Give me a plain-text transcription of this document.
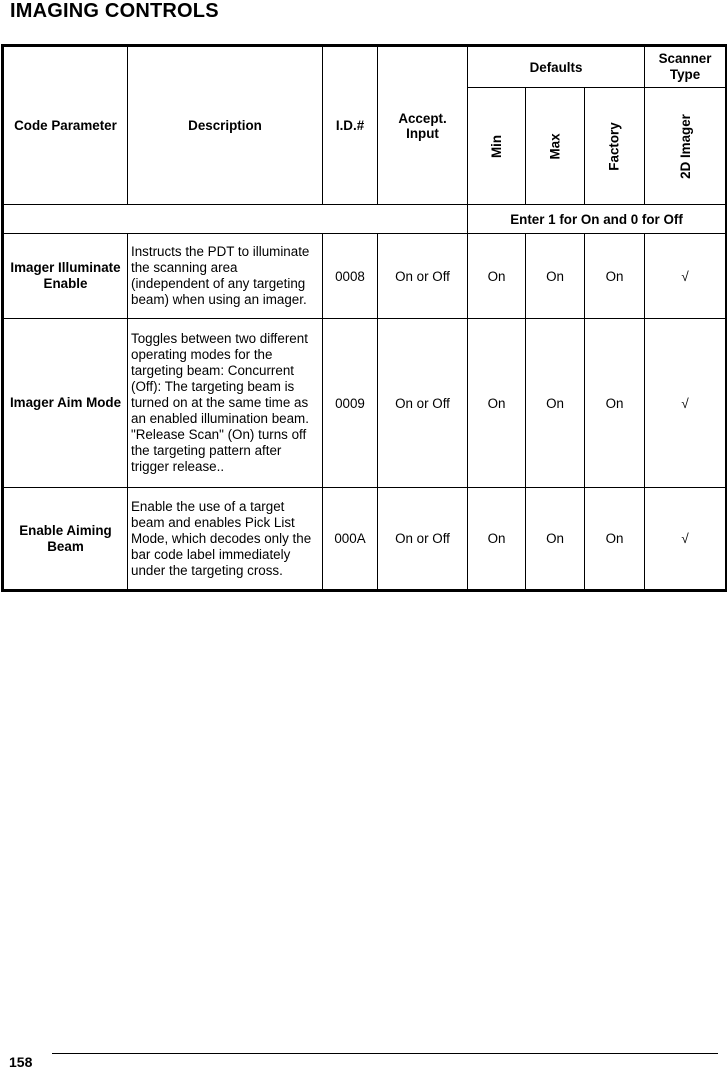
IMAGING CONTROLS
Code Parameter	Description	I.D.#	Accept. Input	Defaults			Scanner Type
				Min	Max	Factory	2D Imager
				Enter 1 for On and 0 for Off			
Imager Illuminate Enable	Instructs the PDT to illuminate the scanning area (independent of any targeting beam) when using an imager.	0008	On or Off	On	On	On	√
Imager Aim Mode	Toggles between two different operating modes for the targeting beam: Concurrent (Off): The targeting beam is turned on at the same time as an enabled illumination beam. "Release Scan" (On) turns off the targeting pattern after trigger release..	0009	On or Off	On	On	On	√
Enable Aiming Beam	Enable the use of a target beam and enables Pick List Mode, which decodes only the bar code label immediately under the targeting cross.	000A	On or Off	On	On	On	√
158
